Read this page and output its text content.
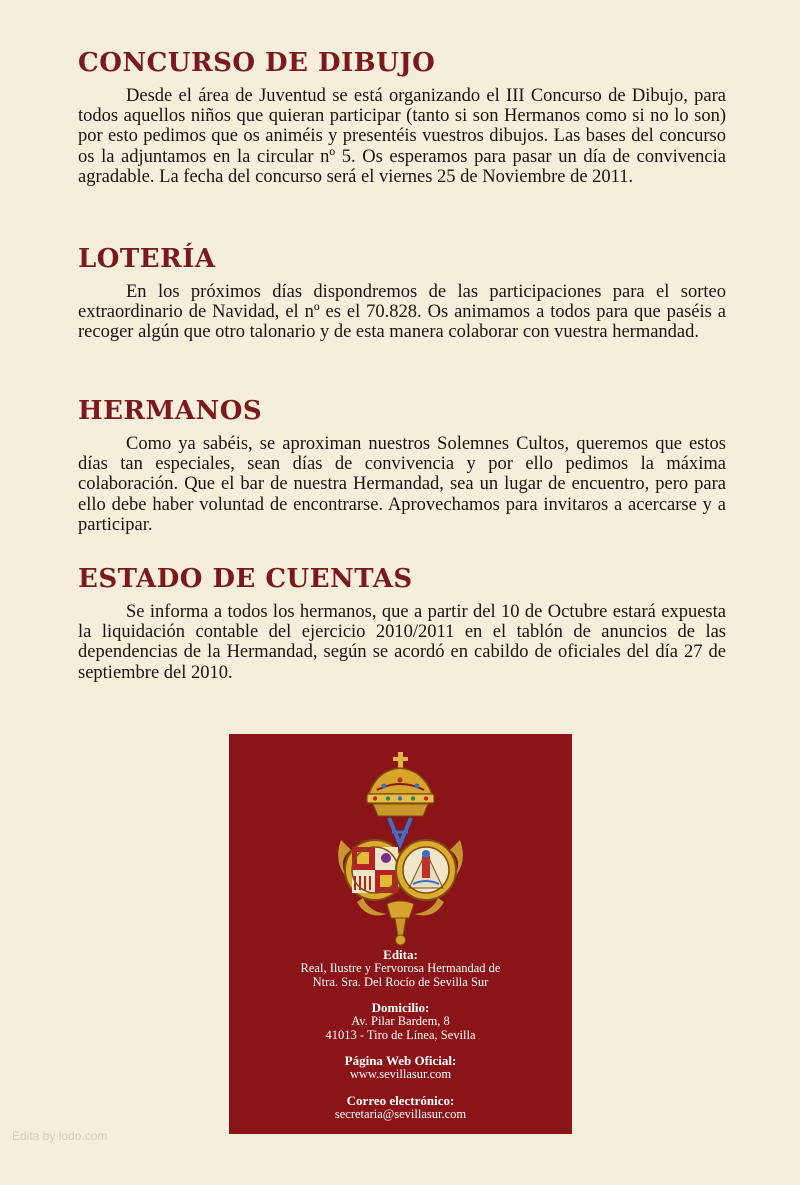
CONCURSO DE DIBUJO

Desde el área de Juventud se está organizando el III Concurso de Dibujo, para todos aquellos niños que quieran participar (tanto si son Hermanos como si no lo son) por esto pedimos que os animéis y presentéis vuestros dibujos. Las bases del concurso os la adjuntamos en la circular nº 5. Os esperamos para pasar un día de convivencia agradable. La fecha del concurso será el viernes 25 de Noviembre de 2011.

LOTERÍA

En los próximos días dispondremos de las participaciones para el sorteo extraordinario de Navidad, el nº es el 70.828. Os animamos a todos para que paséis a recoger algún que otro talonario y de esta manera colaborar con vuestra hermandad.

HERMANOS

Como ya sabéis, se aproximan nuestros Solemnes Cultos, queremos que estos días tan especiales, sean días de convivencia y por ello pedimos la máxima colaboración. Que el bar de nuestra Hermandad, sea un lugar de encuentro, pero para ello debe haber voluntad de encontrarse. Aprovechamos para invitaros a acercarse y a participar.

ESTADO DE CUENTAS

Se informa a todos los hermanos, que a partir del 10 de Octubre estará expuesta la liquidación contable del ejercicio 2010/2011 en el tablón de anuncios de las dependencias de la Hermandad, según se acordó en cabildo de oficiales del día 27 de septiembre del 2010.

Edita:
Real, Ilustre y Fervorosa Hermandad de
Ntra. Sra. Del Rocío de Sevilla Sur
Domicilio:
Av. Pilar Bardem, 8
41013 - Tiro de Línea, Sevilla
Página Web Oficial:
www.sevillasur.com
Correo electrónico:
secretaria@sevillasur.com
Edita by lodo.com
